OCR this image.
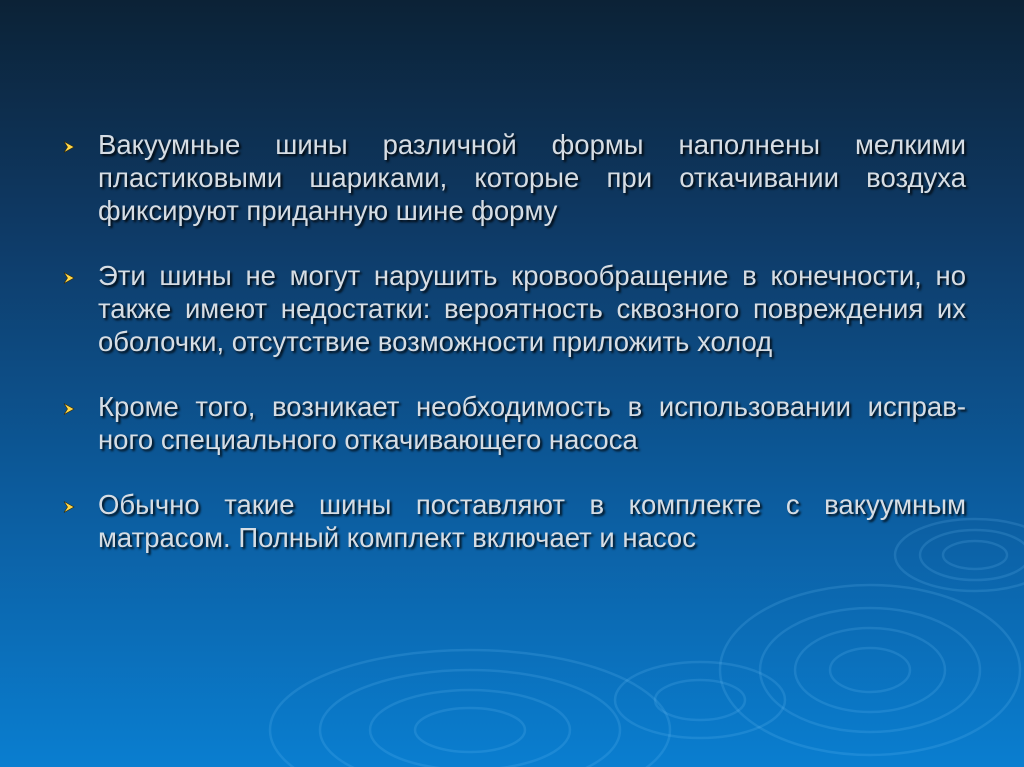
Вакуумные шины различной формы наполнены мелкими пластиковыми шариками, которые при откачивании воздуха фиксируют приданную шине форму

Эти шины не могут нарушить кровообращение в конечности, но также имеют недостатки: вероятность сквозного повреждения их оболочки, отсутствие возможности приложить холод

Кроме того, возникает необходимость в использовании исправ-ного специального откачивающего насоса

Обычно такие шины поставляют в комплекте с вакуумным матрасом. Полный комплект включает и насос
